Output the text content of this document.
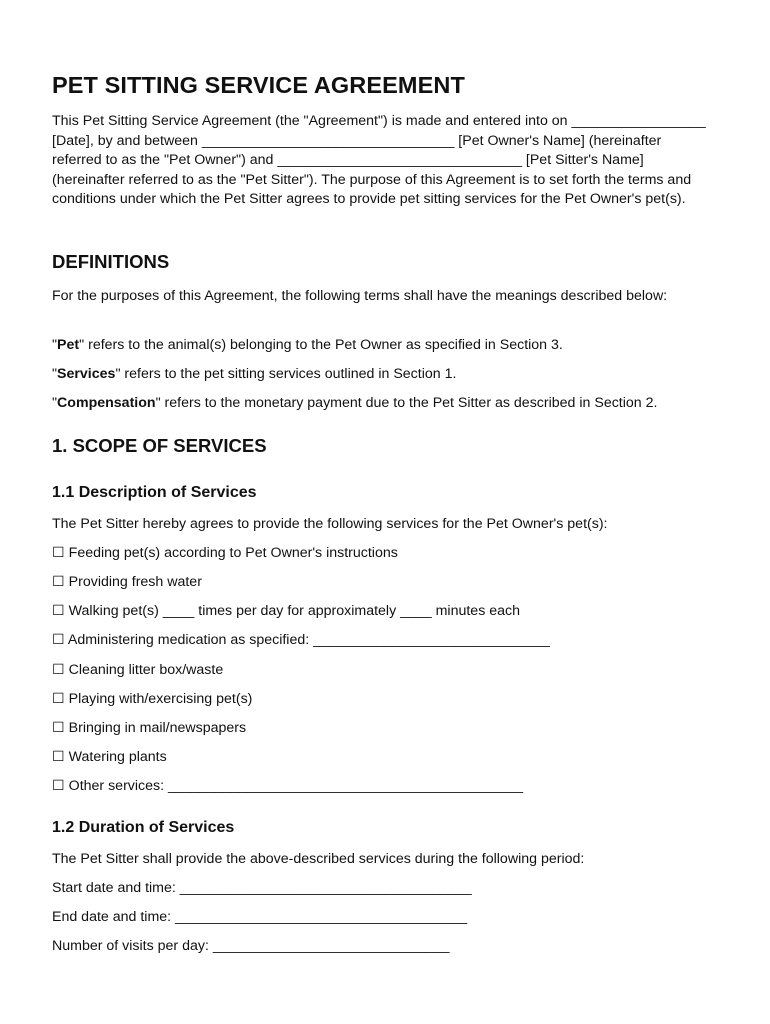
PET SITTING SERVICE AGREEMENT

This Pet Sitting Service Agreement (the "Agreement") is made and entered into on _________________ [Date], by and between ________________________________ [Pet Owner's Name] (hereinafter referred to as the "Pet Owner") and _______________________________ [Pet Sitter's Name] (hereinafter referred to as the "Pet Sitter"). The purpose of this Agreement is to set forth the terms and conditions under which the Pet Sitter agrees to provide pet sitting services for the Pet Owner's pet(s).

DEFINITIONS

For the purposes of this Agreement, the following terms shall have the meanings described below:

"Pet" refers to the animal(s) belonging to the Pet Owner as specified in Section 3.

"Services" refers to the pet sitting services outlined in Section 1.

"Compensation" refers to the monetary payment due to the Pet Sitter as described in Section 2.

1. SCOPE OF SERVICES
1.1 Description of Services

The Pet Sitter hereby agrees to provide the following services for the Pet Owner's pet(s):

☐ Feeding pet(s) according to Pet Owner's instructions

☐ Providing fresh water

☐ Walking pet(s) ____ times per day for approximately ____ minutes each

☐ Administering medication as specified: ______________________________

☐ Cleaning litter box/waste

☐ Playing with/exercising pet(s)

☐ Bringing in mail/newspapers

☐ Watering plants

☐ Other services: _____________________________________________

1.2 Duration of Services

The Pet Sitter shall provide the above-described services during the following period:

Start date and time: _____________________________________

End date and time: _____________________________________

Number of visits per day: ______________________________
